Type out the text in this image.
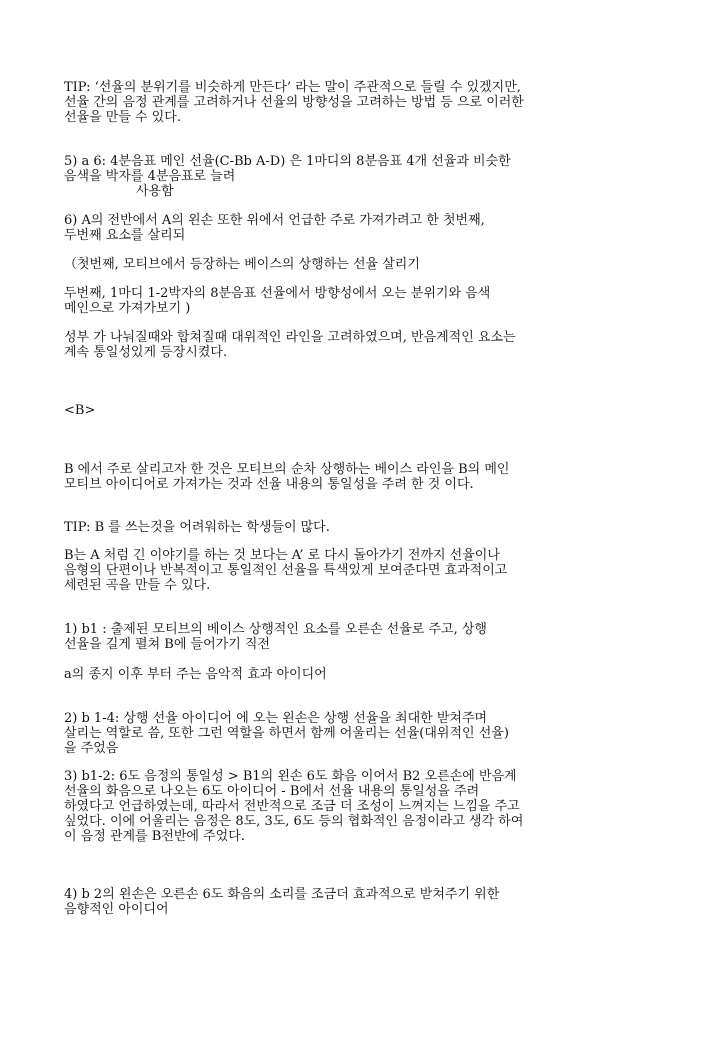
TIP: ‘선율의 분위기를 비슷하게 만든다’ 라는 말이 주관적으로 들릴 수 있겠지만,
선율 간의 음정 관계를 고려하거나 선율의 방향성을 고려하는 방법 등 으로 이러한
선율을 만들 수 있다.

5) a 6: 4분음표 메인 선율(C-Bb A-D) 은 1마디의 8분음표 4개 선율과 비슷한
음색을 박자를 4분음표로 늘려
사용함

6) A의 전반에서 A의 왼손 또한 위에서 언급한 주로 가져가려고 한 첫번째,
두번째 요소를 살리되

（첫번째, 모티브에서 등장하는 베이스의 상행하는 선율 살리기

두번째, 1마디 1-2박자의 8분음표 선율에서 방향성에서 오는 분위기와 음색
메인으로 가져가보기 )

성부 가 나눠질때와 합쳐질때 대위적인 라인을 고려하였으며, 반음계적인 요소는
계속 통일성있게 등장시켰다.

<B>

B 에서 주로 살리고자 한 것은 모티브의 순차 상행하는 베이스 라인을 B의 메인
모티브 아이디어로 가져가는 것과 선율 내용의 통일성을 주려 한 것 이다.

TIP: B 를 쓰는것을 어려워하는 학생들이 많다.

B는 A 처럼 긴 이야기를 하는 것 보다는 A’ 로 다시 돌아가기 전까지 선율이나
음형의 단편이나 반복적이고 통일적인 선율을 특색있게 보여준다면 효과적이고
세련된 곡을 만들 수 있다.

1) b1 : 출제된 모티브의 베이스 상행적인 요소를 오른손 선율로 주고, 상행
선율을 길게 펼쳐 B에 들어가기 직전

a의 종지 이후 부터 주는 음악적 효과 아이디어

2) b 1-4: 상행 선율 아이디어 에 오는 왼손은 상행 선율을 최대한 받쳐주며
살리는 역할로 씀, 또한 그런 역할을 하면서 함께 어울리는 선율(대위적인 선율)
을 주었음

3) b1-2: 6도 음정의 통일성 > B1의 왼손 6도 화음 이어서 B2 오른손에 반음계
선율의 화음으로 나오는 6도 아이디어 - B에서 선율 내용의 통일성을 주려
하였다고 언급하였는데, 따라서 전반적으로 조금 더 조성이 느껴지는 느낌을 주고
싶었다. 이에 어울리는 음정은 8도, 3도, 6도 등의 협화적인 음정이라고 생각 하여
이 음정 관계를 B전반에 주었다.

4) b 2의 왼손은 오른손 6도 화음의 소리를 조금더 효과적으로 받쳐주기 위한
음향적인 아이디어
